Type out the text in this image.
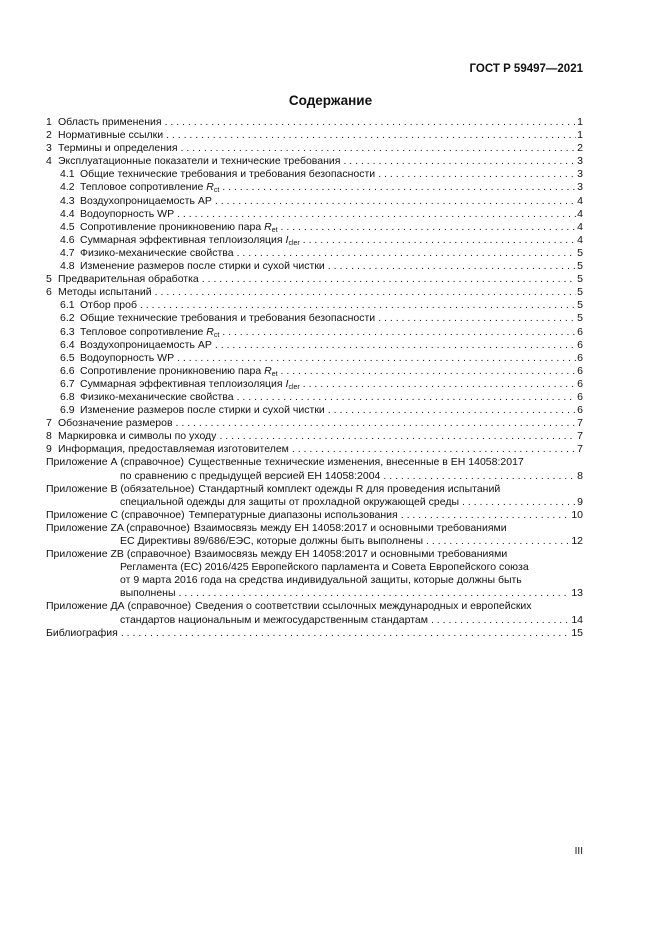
ГОСТ Р 59497—2021
Содержание
1 Область применения . . .	1
2 Нормативные ссылки . . .	1
3 Термины и определения . . .	2
4 Эксплуатационные показатели и технические требования . . .	3
4.1 Общие технические требования и требования безопасности . . .	3
4.2 Тепловое сопротивление $R_{ct}$ . . .	3
4.3 Воздухопроницаемость AP . . .	4
4.4 Водоупорность WP . . .	4
4.5 Сопротивление проникновению пара $R_{et}$ . . .	4
4.6 Суммарная эффективная теплоизоляция $I_{cler}$ . . .	4
4.7 Физико-механические свойства . . .	5
4.8 Изменение размеров после стирки и сухой чистки . . .	5
5 Предварительная обработка . . .	5
6 Методы испытаний . . .	5
6.1 Отбор проб . . .	5
6.2 Общие технические требования и требования безопасности . . .	5
6.3 Тепловое сопротивление $R_{ct}$ . . .	6
6.4 Воздухопроницаемость AP . . .	6
6.5 Водоупорность WP . . .	6
6.6 Сопротивление проникновению пара $R_{et}$ . . .	6
6.7 Суммарная эффективная теплоизоляция $I_{cler}$ . . .	6
6.8 Физико-механические свойства . . .	6
6.9 Изменение размеров после стирки и сухой чистки . . .	6
7 Обозначение размеров . . .	7
8 Маркировка и символы по уходу . . .	7
9 Информация, предоставляемая изготовителем . . .	7
Приложение А (справочное) Существенные технические изменения, внесенные в ЕН 14058:2017
по сравнению с предыдущей версией ЕН 14058:2004 . . .	8
Приложение В (обязательное) Стандартный комплект одежды R для проведения испытаний
специальной одежды для защиты от прохладной окружающей среды . . .	9
Приложение С (справочное) Температурные диапазоны использования . . .	10
Приложение ZA (справочное) Взаимосвязь между ЕН 14058:2017 и основными требованиями
ЕС Директивы 89/686/ЕЭС, которые должны быть выполнены . . .	12
Приложение ZB (справочное) Взаимосвязь между ЕН 14058:2017 и основными требованиями
Регламента (ЕС) 2016/425 Европейского парламента и Совета Европейского союза
от 9 марта 2016 года на средства индивидуальной защиты, которые должны быть
выполнены . . .	13
Приложение ДА (справочное) Сведения о соответствии ссылочных международных и европейских
стандартов национальным и межгосударственным стандартам . . .	14
Библиография . . .	15
III
